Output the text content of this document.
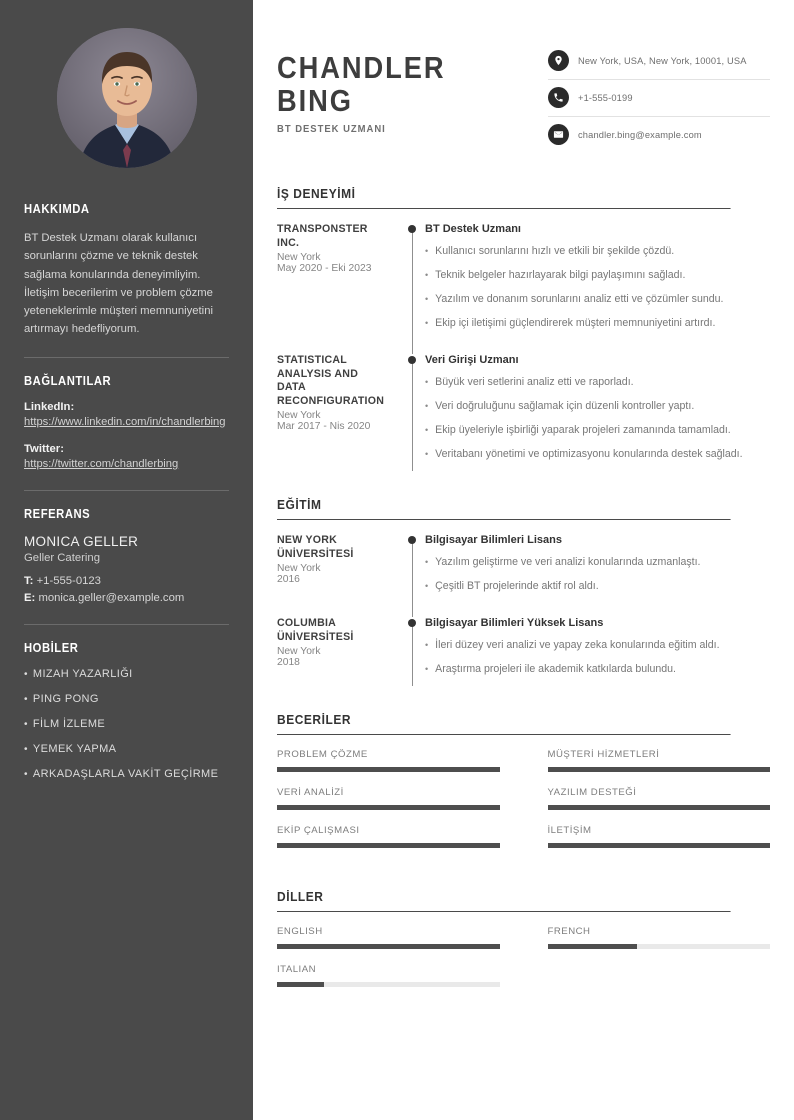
HAKKIMDA
BT Destek Uzmanı olarak kullanıcı sorunlarını çözme ve teknik destek sağlama konularında deneyimliyim. İletişim becerilerim ve problem çözme yeteneklerimle müşteri memnuniyetini artırmayı hedefliyorum.
BAĞLANTILAR
LinkedIn:
https://www.linkedin.com/in/chandlerbing
Twitter:
https://twitter.com/chandlerbing
REFERANS
MONICA GELLER
Geller Catering
T: +1-555-0123
E: monica.geller@example.com
HOBİLER
• MIZAH YAZARLIĞI
• PING PONG
• FİLM İZLEME
• YEMEK YAPMA
• ARKADAŞLARLA VAKİT GEÇİRME
CHANDLER
BING
BT DESTEK UZMANI
New York, USA, New York, 10001, USA
+1-555-0199
chandler.bing@example.com
İŞ DENEYİMİ
TRANSPONSTER INC.
New York
May 2020 - Eki 2023
BT Destek Uzmanı
• Kullanıcı sorunlarını hızlı ve etkili bir şekilde çözdü.
• Teknik belgeler hazırlayarak bilgi paylaşımını sağladı.
• Yazılım ve donanım sorunlarını analiz etti ve çözümler sundu.
• Ekip içi iletişimi güçlendirerek müşteri memnuniyetini artırdı.
STATISTICAL ANALYSIS AND DATA RECONFIGURATION
New York
Mar 2017 - Nis 2020
Veri Girişi Uzmanı
• Büyük veri setlerini analiz etti ve raporladı.
• Veri doğruluğunu sağlamak için düzenli kontroller yaptı.
• Ekip üyeleriyle işbirliği yaparak projeleri zamanında tamamladı.
• Veritabanı yönetimi ve optimizasyonu konularında destek sağladı.
EĞİTİM
NEW YORK ÜNİVERSİTESİ
New York
2016
Bilgisayar Bilimleri Lisans
• Yazılım geliştirme ve veri analizi konularında uzmanlaştı.
• Çeşitli BT projelerinde aktif rol aldı.
COLUMBIA ÜNİVERSİTESİ
New York
2018
Bilgisayar Bilimleri Yüksek Lisans
• İleri düzey veri analizi ve yapay zeka konularında eğitim aldı.
• Araştırma projeleri ile akademik katkılarda bulundu.
BECERİLER
PROBLEM ÇÖZME	MÜŞTERİ HİZMETLERİ
VERİ ANALİZİ	YAZILIM DESTEĞİ
EKİP ÇALIŞMASI	İLETİŞİM
DİLLER
ENGLISH	FRENCH
ITALIAN
